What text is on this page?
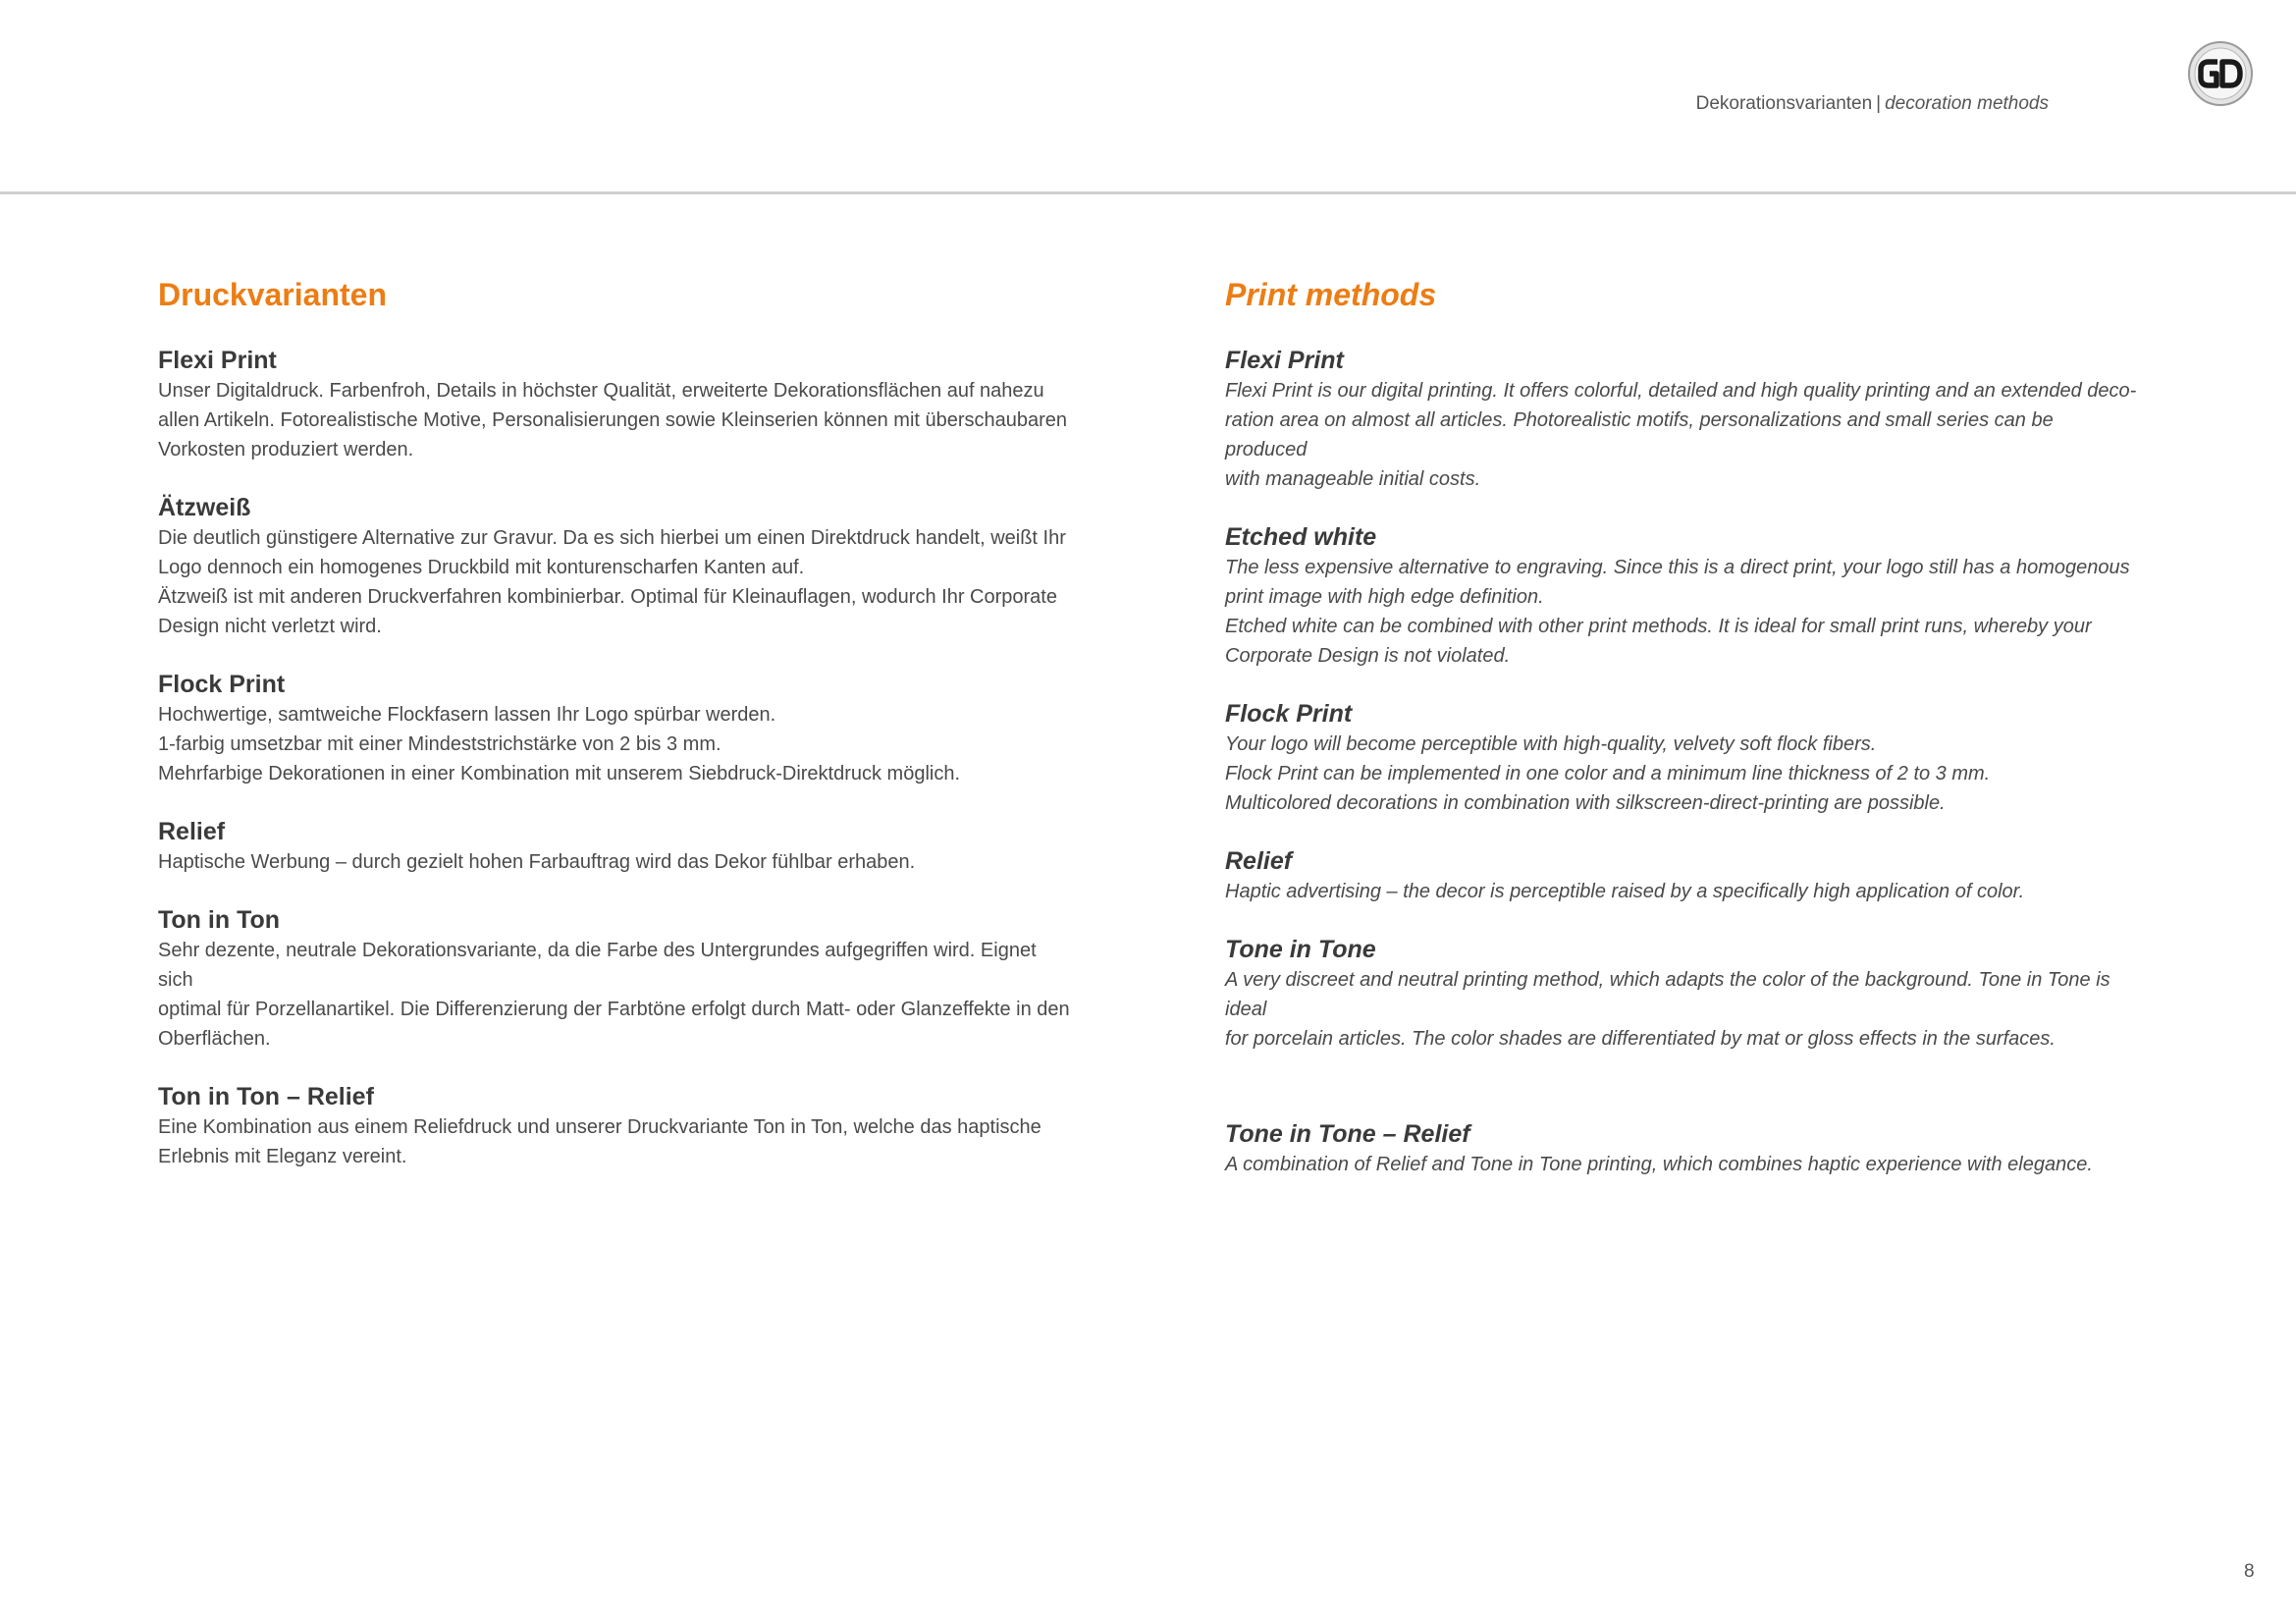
Dekorationsvarianten | decoration methods
Druckvarianten
Flexi Print

Unser Digitaldruck. Farbenfroh, Details in höchster Qualität, erweiterte Dekorationsflächen auf nahezu
allen Artikeln. Fotorealistische Motive, Personalisierungen sowie Kleinserien können mit überschaubaren
Vorkosten produziert werden.

Ätzweiß

Die deutlich günstigere Alternative zur Gravur. Da es sich hierbei um einen Direktdruck handelt, weißt Ihr
Logo dennoch ein homogenes Druckbild mit konturenscharfen Kanten auf.
Ätzweiß ist mit anderen Druckverfahren kombinierbar. Optimal für Kleinauflagen, wodurch Ihr Corporate
Design nicht verletzt wird.

Flock Print

Hochwertige, samtweiche Flockfasern lassen Ihr Logo spürbar werden.
1-farbig umsetzbar mit einer Mindeststrichstärke von 2 bis 3 mm.
Mehrfarbige Dekorationen in einer Kombination mit unserem Siebdruck-Direktdruck möglich.

Relief

Haptische Werbung – durch gezielt hohen Farbauftrag wird das Dekor fühlbar erhaben.

Ton in Ton

Sehr dezente, neutrale Dekorationsvariante, da die Farbe des Untergrundes aufgegriffen wird. Eignet sich
optimal für Porzellanartikel. Die Differenzierung der Farbtöne erfolgt durch Matt- oder Glanzeffekte in den
Oberflächen.

Ton in Ton – Relief

Eine Kombination aus einem Reliefdruck und unserer Druckvariante Ton in Ton, welche das haptische
Erlebnis mit Eleganz vereint.

Print methods
Flexi Print

Flexi Print is our digital printing. It offers colorful, detailed and high quality printing and an extended deco-
ration area on almost all articles. Photorealistic motifs, personalizations and small series can be produced
with manageable initial costs.

Etched white

The less expensive alternative to engraving. Since this is a direct print, your logo still has a homogenous
print image with high edge definition.
Etched white can be combined with other print methods. It is ideal for small print runs, whereby your
Corporate Design is not violated.

Flock Print

Your logo will become perceptible with high-quality, velvety soft flock fibers.
Flock Print can be implemented in one color and a minimum line thickness of 2 to 3 mm.
Multicolored decorations in combination with silkscreen-direct-printing are possible.

Relief

Haptic advertising – the decor is perceptible raised by a specifically high application of color.

Tone in Tone

A very discreet and neutral printing method, which adapts the color of the background. Tone in Tone is ideal
for porcelain articles. The color shades are differentiated by mat or gloss effects in the surfaces.

Tone in Tone – Relief

A combination of Relief and Tone in Tone printing, which combines haptic experience with elegance.

8
